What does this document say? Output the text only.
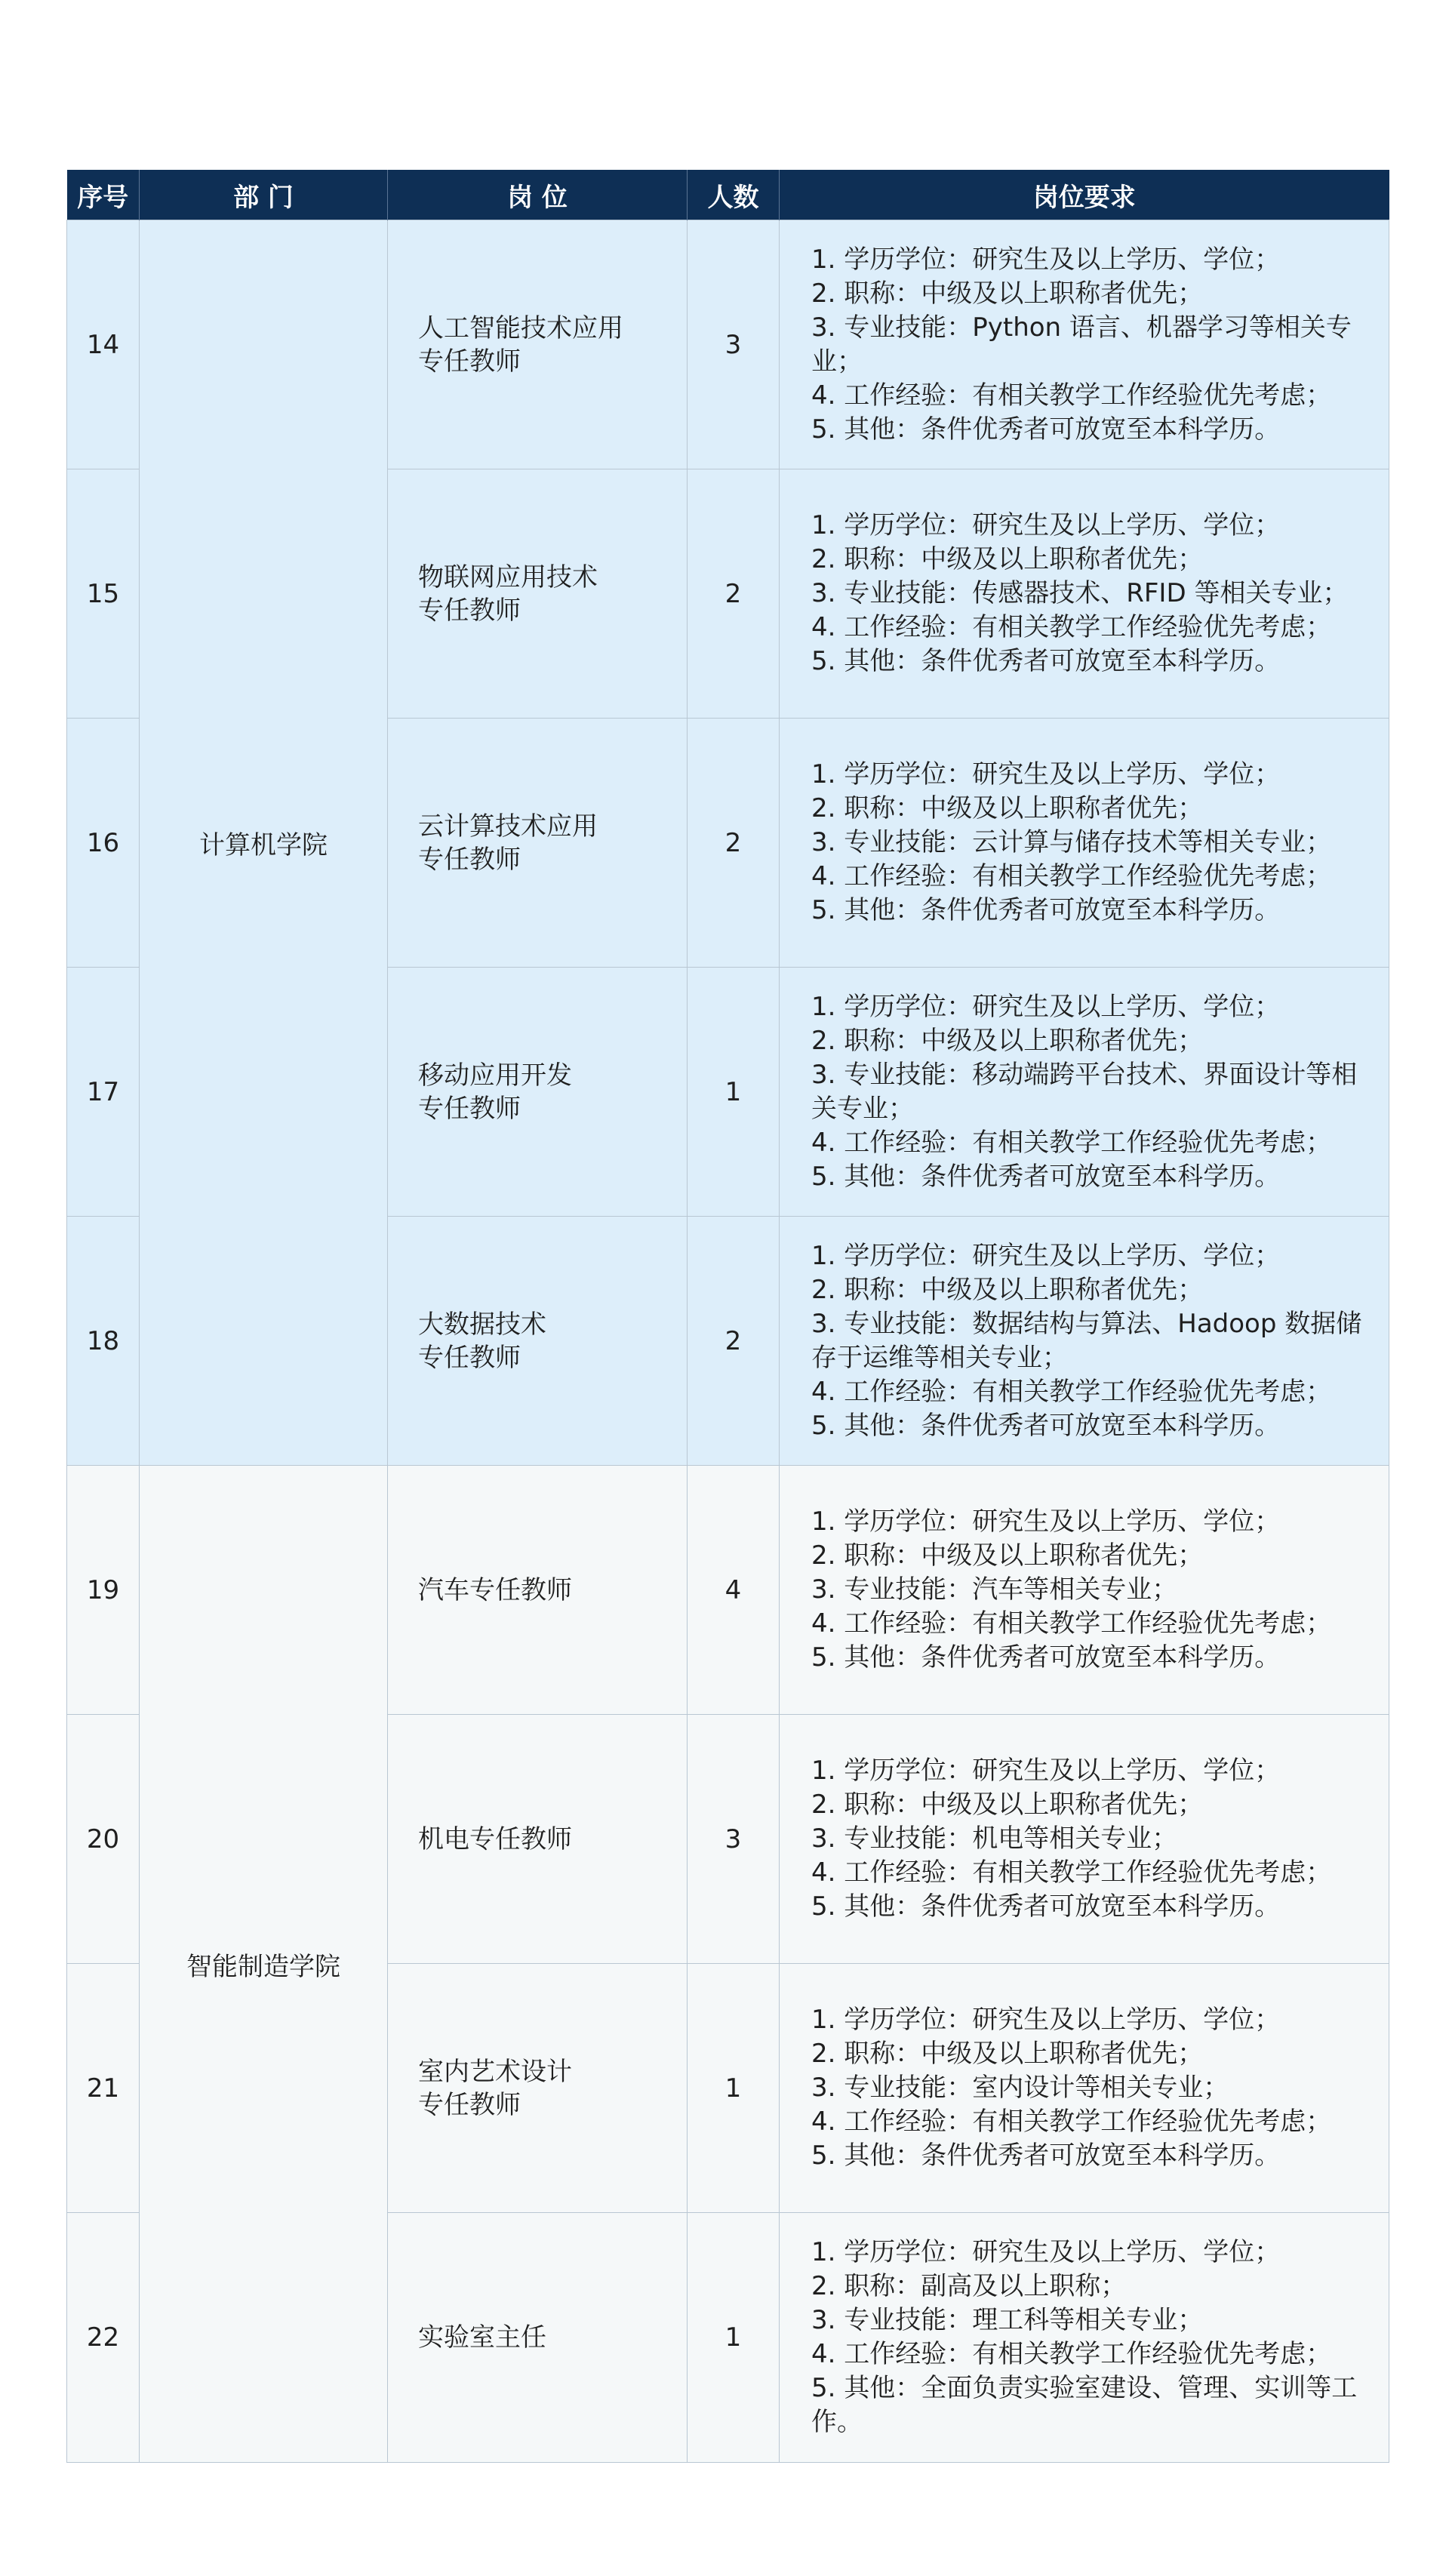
序号	部 门	岗 位	人数	岗位要求
14	计算机学院	人工智能技术应用
专任教师	3	1. 学历学位：研究生及以上学历、学位；
2. 职称：中级及以上职称者优先；
3. 专业技能：Python 语言、机器学习等相关专业；
4. 工作经验：有相关教学工作经验优先考虑；
5. 其他：条件优秀者可放宽至本科学历。

15		物联网应用技术
专任教师	2	1. 学历学位：研究生及以上学历、学位；
2. 职称：中级及以上职称者优先；
3. 专业技能：传感器技术、RFID 等相关专业；
4. 工作经验：有相关教学工作经验优先考虑；
5. 其他：条件优秀者可放宽至本科学历。

16		云计算技术应用
专任教师	2	1. 学历学位：研究生及以上学历、学位；
2. 职称：中级及以上职称者优先；
3. 专业技能：云计算与储存技术等相关专业；
4. 工作经验：有相关教学工作经验优先考虑；
5. 其他：条件优秀者可放宽至本科学历。

17		移动应用开发
专任教师	1	1. 学历学位：研究生及以上学历、学位；
2. 职称：中级及以上职称者优先；
3. 专业技能：移动端跨平台技术、界面设计等相关专业；
4. 工作经验：有相关教学工作经验优先考虑；
5. 其他：条件优秀者可放宽至本科学历。

18		大数据技术
专任教师	2	1. 学历学位：研究生及以上学历、学位；
2. 职称：中级及以上职称者优先；
3. 专业技能：数据结构与算法、Hadoop 数据储存于运维等相关专业；
4. 工作经验：有相关教学工作经验优先考虑；
5. 其他：条件优秀者可放宽至本科学历。

19	智能制造学院	汽车专任教师	4	1. 学历学位：研究生及以上学历、学位；
2. 职称：中级及以上职称者优先；
3. 专业技能：汽车等相关专业；
4. 工作经验：有相关教学工作经验优先考虑；
5. 其他：条件优秀者可放宽至本科学历。

20		机电专任教师	3	1. 学历学位：研究生及以上学历、学位；
2. 职称：中级及以上职称者优先；
3. 专业技能：机电等相关专业；
4. 工作经验：有相关教学工作经验优先考虑；
5. 其他：条件优秀者可放宽至本科学历。

21		室内艺术设计
专任教师	1	1. 学历学位：研究生及以上学历、学位；
2. 职称：中级及以上职称者优先；
3. 专业技能：室内设计等相关专业；
4. 工作经验：有相关教学工作经验优先考虑；
5. 其他：条件优秀者可放宽至本科学历。

22		实验室主任	1	1. 学历学位：研究生及以上学历、学位；
2. 职称：副高及以上职称；
3. 专业技能：理工科等相关专业；
4. 工作经验：有相关教学工作经验优先考虑；
5. 其他：全面负责实验室建设、管理、实训等工作。
